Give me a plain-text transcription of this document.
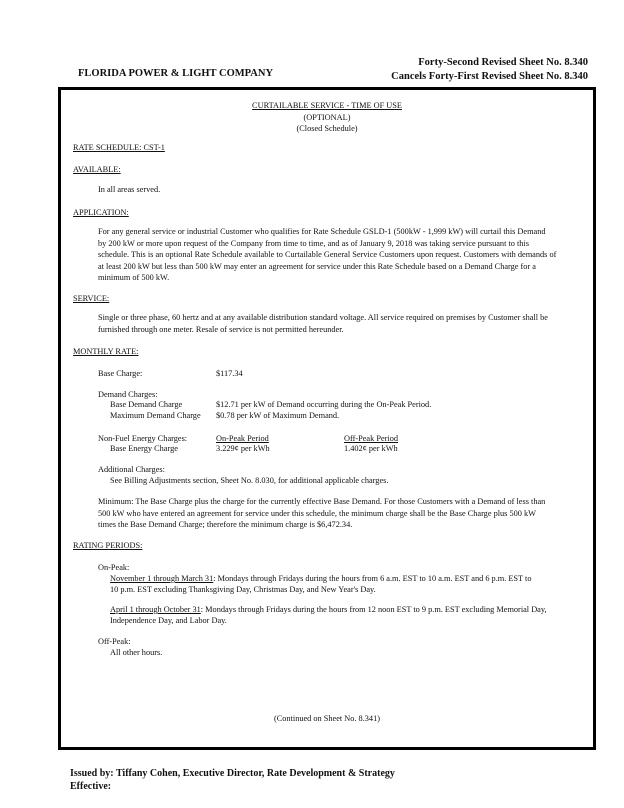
Forty-Second Revised Sheet No. 8.340
Cancels Forty-First Revised Sheet No. 8.340
FLORIDA POWER & LIGHT COMPANY
CURTAILABLE SERVICE - TIME OF USE
(OPTIONAL)
(Closed Schedule)
RATE SCHEDULE: CST-1
AVAILABLE:
In all areas served.
APPLICATION:
For any general service or industrial Customer who qualifies for Rate Schedule GSLD-1 (500kW - 1,999 kW) will curtail this Demand
by 200 kW or more upon request of the Company from time to time, and as of January 9, 2018 was taking service pursuant to this
schedule. This is an optional Rate Schedule available to Curtailable General Service Customers upon request. Customers with demands of
at least 200 kW but less than 500 kW may enter an agreement for service under this Rate Schedule based on a Demand Charge for a
minimum of 500 kW.
SERVICE:
Single or three phase, 60 hertz and at any available distribution standard voltage. All service required on premises by Customer shall be
furnished through one meter. Resale of service is not permitted hereunder.
MONTHLY RATE:
Base Charge:	$117.34
Demand Charges:
Base Demand Charge	$12.71 per kW of Demand occurring during the On-Peak Period.
Maximum Demand Charge $0.78 per kW of Maximum Demand.
Non-Fuel Energy Charges:	On-Peak Period	Off-Peak Period
Base Energy Charge	3.229¢ per kWh	1.402¢ per kWh
Additional Charges:
See Billing Adjustments section, Sheet No. 8.030, for additional applicable charges.
Minimum: The Base Charge plus the charge for the currently effective Base Demand. For those Customers with a Demand of less than
500 kW who have entered an agreement for service under this schedule, the minimum charge shall be the Base Charge plus 500 kW
times the Base Demand Charge; therefore the minimum charge is $6,472.34.
RATING PERIODS:
On-Peak:
November 1 through March 31: Mondays through Fridays during the hours from 6 a.m. EST to 10 a.m. EST and 6 p.m. EST to
10 p.m. EST excluding Thanksgiving Day, Christmas Day, and New Year's Day.
April 1 through October 31: Mondays through Fridays during the hours from 12 noon EST to 9 p.m. EST excluding Memorial Day,
Independence Day, and Labor Day.
Off-Peak:
All other hours.
(Continued on Sheet No. 8.341)
Issued by: Tiffany Cohen, Executive Director, Rate Development & Strategy
Effective:
